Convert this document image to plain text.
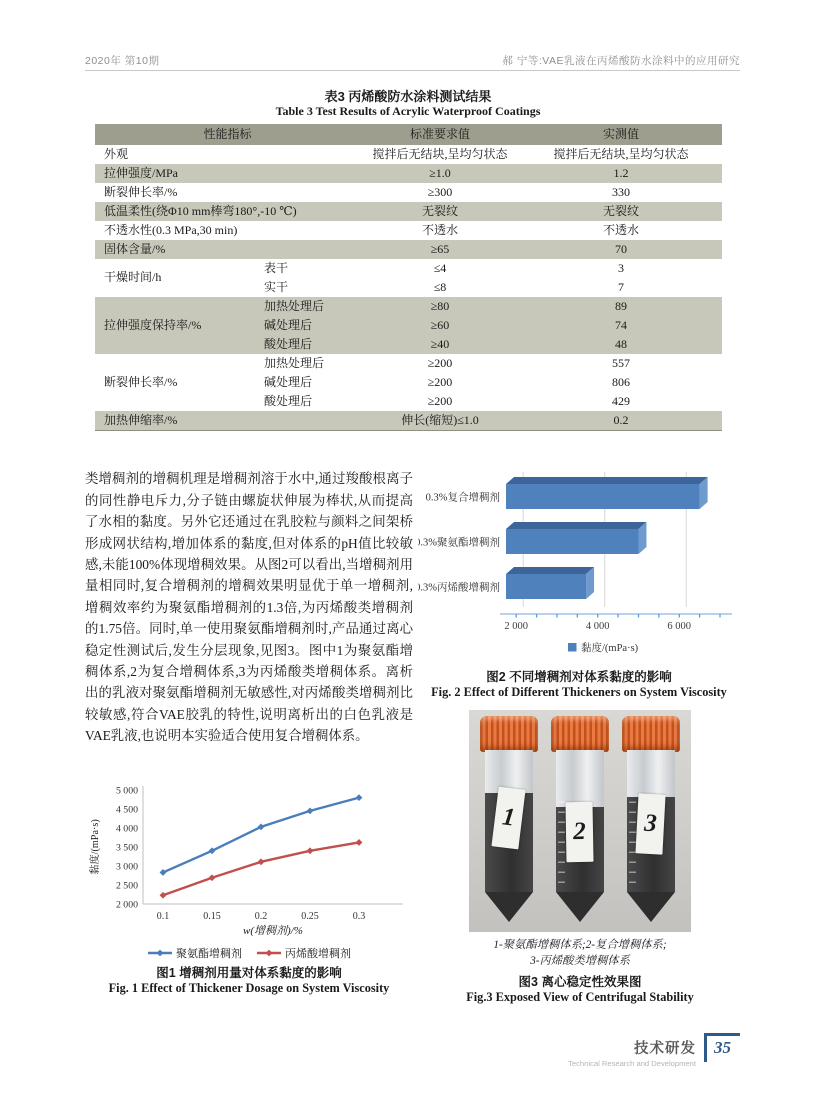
2020年 第10期	郝 宁等:VAE乳液在丙烯酸防水涂料中的应用研究
表3 丙烯酸防水涂料测试结果
Table 3 Test Results of Acrylic Waterproof Coatings
性能指标		标准要求值	实测值
外观		搅拌后无结块,呈均匀状态	搅拌后无结块,呈均匀状态
拉伸强度/MPa		≥1.0	1.2
断裂伸长率/%		≥300	330
低温柔性(绕Φ10 mm棒弯180°,-10 ℃)		无裂纹	无裂纹
不透水性(0.3 MPa,30 min)		不透水	不透水
固体含量/%		≥65	70
干燥时间/h	表干	≤4	3
	实干	≤8	7
拉伸强度保持率/%	加热处理后	≥80	89
	碱处理后	≥60	74
	酸处理后	≥40	48
断裂伸长率/%	加热处理后	≥200	557
	碱处理后	≥200	806
	酸处理后	≥200	429
加热伸缩率/%		伸长(缩短)≤1.0	0.2

类增稠剂的增稠机理是增稠剂溶于水中,通过羧酸根离子的同性静电斥力,分子链由螺旋状伸展为棒状,从而提高了水相的黏度。另外它还通过在乳胶粒与颜料之间架桥形成网状结构,增加体系的黏度,但对体系的pH值比较敏感,未能100%体现增稠效果。从图2可以看出,当增稠剂用量相同时,复合增稠剂的增稠效果明显优于单一增稠剂,增稠效率约为聚氨酯增稠剂的1.3倍,为丙烯酸类增稠剂的1.75倍。同时,单一使用聚氨酯增稠剂时,产品通过离心稳定性测试后,发生分层现象,见图3。图中1为聚氨酯增稠体系,2为复合增稠体系,3为丙烯酸类增稠体系。离析出的乳液对聚氨酯增稠剂无敏感性,对丙烯酸类增稠剂比较敏感,符合VAE胶乳的特性,说明离析出的白色乳液是VAE乳液,也说明本实验适合使用复合增稠体系。

2 000	4 000	6 000
0.3%复合增稠剂
0.3%聚氨酯增稠剂
0.3%丙烯酸增稠剂
黏度/(mPa·s)
图2 不同增稠剂对体系黏度的影响
Fig. 2 Effect of Different Thickeners on System Viscosity
1 2 3
1-聚氨酯增稠体系;2-复合增稠体系;
3-丙烯酸类增稠体系
图3 离心稳定性效果图
Fig.3 Exposed View of Centrifugal Stability
2 000
2 500
3 000
3 500
4 000
4 500
5 000
0.1	0.15	0.2	0.25	0.3
w(增稠剂)/%
黏度/(mPa·s)
聚氨酯增稠剂	丙烯酸增稠剂
图1 增稠剂用量对体系黏度的影响
Fig. 1 Effect of Thickener Dosage on System Viscosity
技术研发
Technical Research and Development
35
